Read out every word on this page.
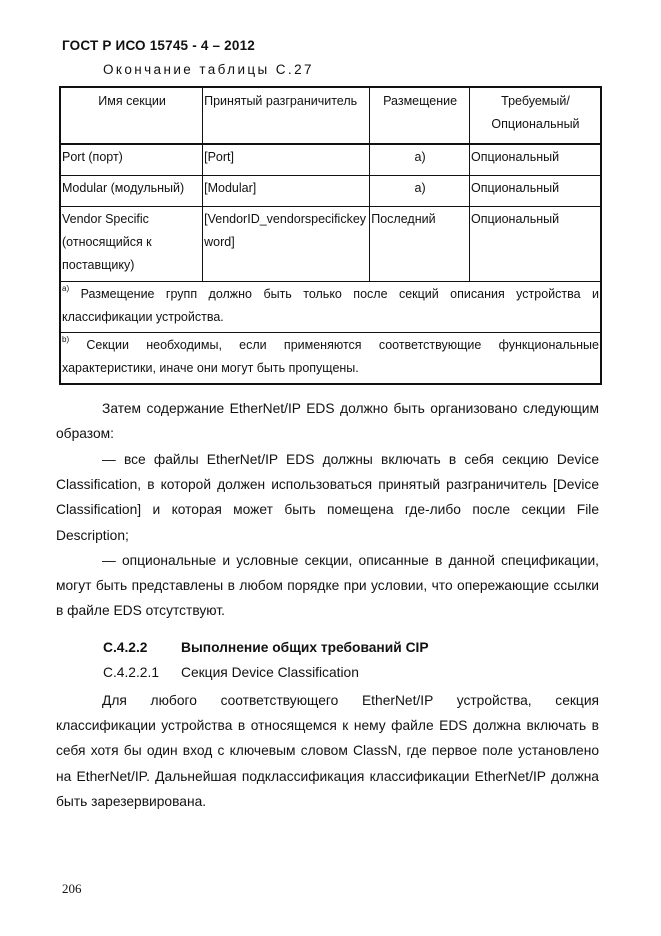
ГОСТ Р ИСО 15745 - 4 – 2012
Окончание таблицы С.27
Имя секции	Принятый разграничитель	Размещение	Требуемый/ Опциональный
Port (порт)	[Port]	a)	Опциональный
Modular (модульный)	[Modular]	a)	Опциональный
Vendor Specific (относящийся к поставщику)	[VendorID_vendorspecifickeyword]	Последний	Опциональный
$^{a)}$ Размещение групп должно быть только после секций описания устройства и классификации устройства.			
$^{b)}$ Секции необходимы, если применяются соответствующие функциональные характеристики, иначе они могут быть пропущены.			
Затем содержание EtherNet/IP EDS должно быть организовано следующим образом:
— все файлы EtherNet/IP EDS должны включать в себя секцию Device Classification, в которой должен использоваться принятый разграничитель [Device Classification] и которая может быть помещена где-либо после секции File Description;
— опциональные и условные секции, описанные в данной спецификации, могут быть представлены в любом порядке при условии, что опережающие ссылки в файле EDS отсутствуют.
C.4.2.2 Выполнение общих требований CIP
C.4.2.2.1 Секция Device Classification
Для любого соответствующего EtherNet/IP устройства, секция классификации устройства в относящемся к нему файле EDS должна включать в себя хотя бы один вход с ключевым словом ClassN, где первое поле установлено на EtherNet/IP. Дальнейшая подклассификация классификации EtherNet/IP должна быть зарезервирована.
206
